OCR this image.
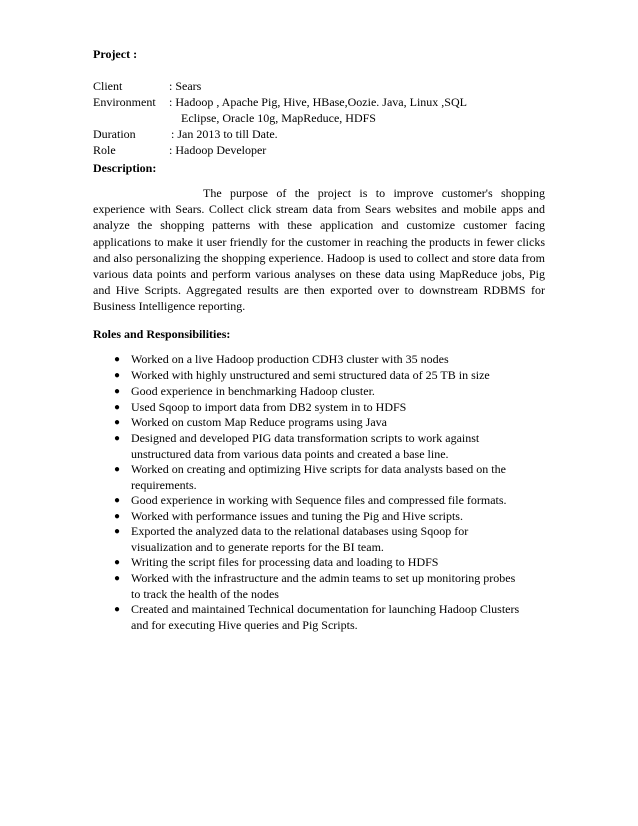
Project :
Client	: Sears
Environment : Hadoop , Apache Pig, Hive, HBase,Oozie. Java, Linux ,SQL
Eclipse, Oracle 10g, MapReduce, HDFS
Duration	: Jan 2013 to till Date.
Role	: Hadoop Developer
Description:
The purpose of the project is to improve customer's shopping experience with Sears. Collect click stream data from Sears websites and mobile apps and analyze the shopping patterns with these application and customize customer facing applications to make it user friendly for the customer in reaching the products in fewer clicks and also personalizing the shopping experience. Hadoop is used to collect and store data from various data points and perform various analyses on these data using MapReduce jobs, Pig and Hive Scripts. Aggregated results are then exported over to downstream RDBMS for Business Intelligence reporting.
Roles and Responsibilities:
● Worked on a live Hadoop production CDH3 cluster with 35 nodes
● Worked with highly unstructured and semi structured data of 25 TB in size
● Good experience in benchmarking Hadoop cluster.
● Used Sqoop to import data from DB2 system in to HDFS
● Worked on custom Map Reduce programs using Java
● Designed and developed PIG data transformation scripts to work against
unstructured data from various data points and created a base line.
● Worked on creating and optimizing Hive scripts for data analysts based on the
requirements.
● Good experience in working with Sequence files and compressed file formats.
● Worked with performance issues and tuning the Pig and Hive scripts.
● Exported the analyzed data to the relational databases using Sqoop for
visualization and to generate reports for the BI team.
● Writing the script files for processing data and loading to HDFS
● Worked with the infrastructure and the admin teams to set up monitoring probes
to track the health of the nodes
● Created and maintained Technical documentation for launching Hadoop Clusters
and for executing Hive queries and Pig Scripts.
